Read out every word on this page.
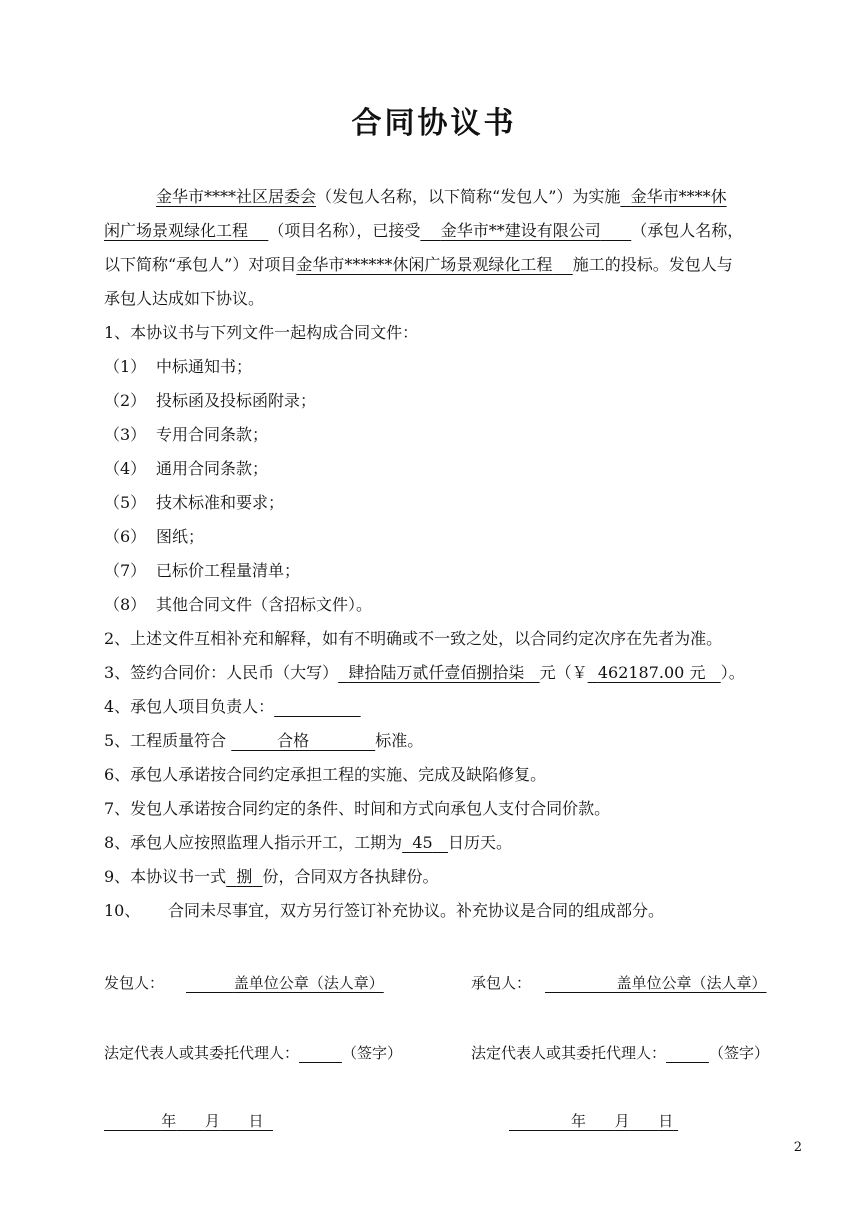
合同协议书
金华市****社区居委会（发包人名称，以下简称“发包人”）为实施 金华市****休
闲广场景观绿化工程 （项目名称），已接受 金华市**建设有限公司 （承包人名称，
以下简称“承包人”）对项目金华市******休闲广场景观绿化工程 施工的投标。发包人与
承包人达成如下协议。
1、本协议书与下列文件一起构成合同文件：
（1） 中标通知书；
（2） 投标函及投标函附录；
（3） 专用合同条款；
（4） 通用合同条款；
（5） 技术标准和要求；
（6） 图纸；
（7） 已标价工程量清单；
（8） 其他合同文件（含招标文件）。
2、上述文件互相补充和解释，如有不明确或不一致之处，以合同约定次序在先者为准。
3、签约合同价：人民币（大写） 肆拾陆万贰仟壹佰捌拾柒 元（￥ 462187.00 元 ）。
4、承包人项目负责人：
5、工程质量符合	合格	标准。
6、承包人承诺按合同约定承担工程的实施、完成及缺陷修复。
7、发包人承诺按合同约定的条件、时间和方式向承包人支付合同价款。
8、承包人应按照监理人指示开工，工期为 45 日历天。
9、本协议书一式 捌 份，合同双方各执肆份。
10、 合同未尽事宜，双方另行签订补充协议。补充协议是合同的组成部分。
发包人：	盖单位公章（法人章）	承包人：	盖单位公章（法人章）
法定代表人或其委托代理人：	（签字）	法定代表人或其委托代理人：	（签字）
年 月 日	年 月 日
2
